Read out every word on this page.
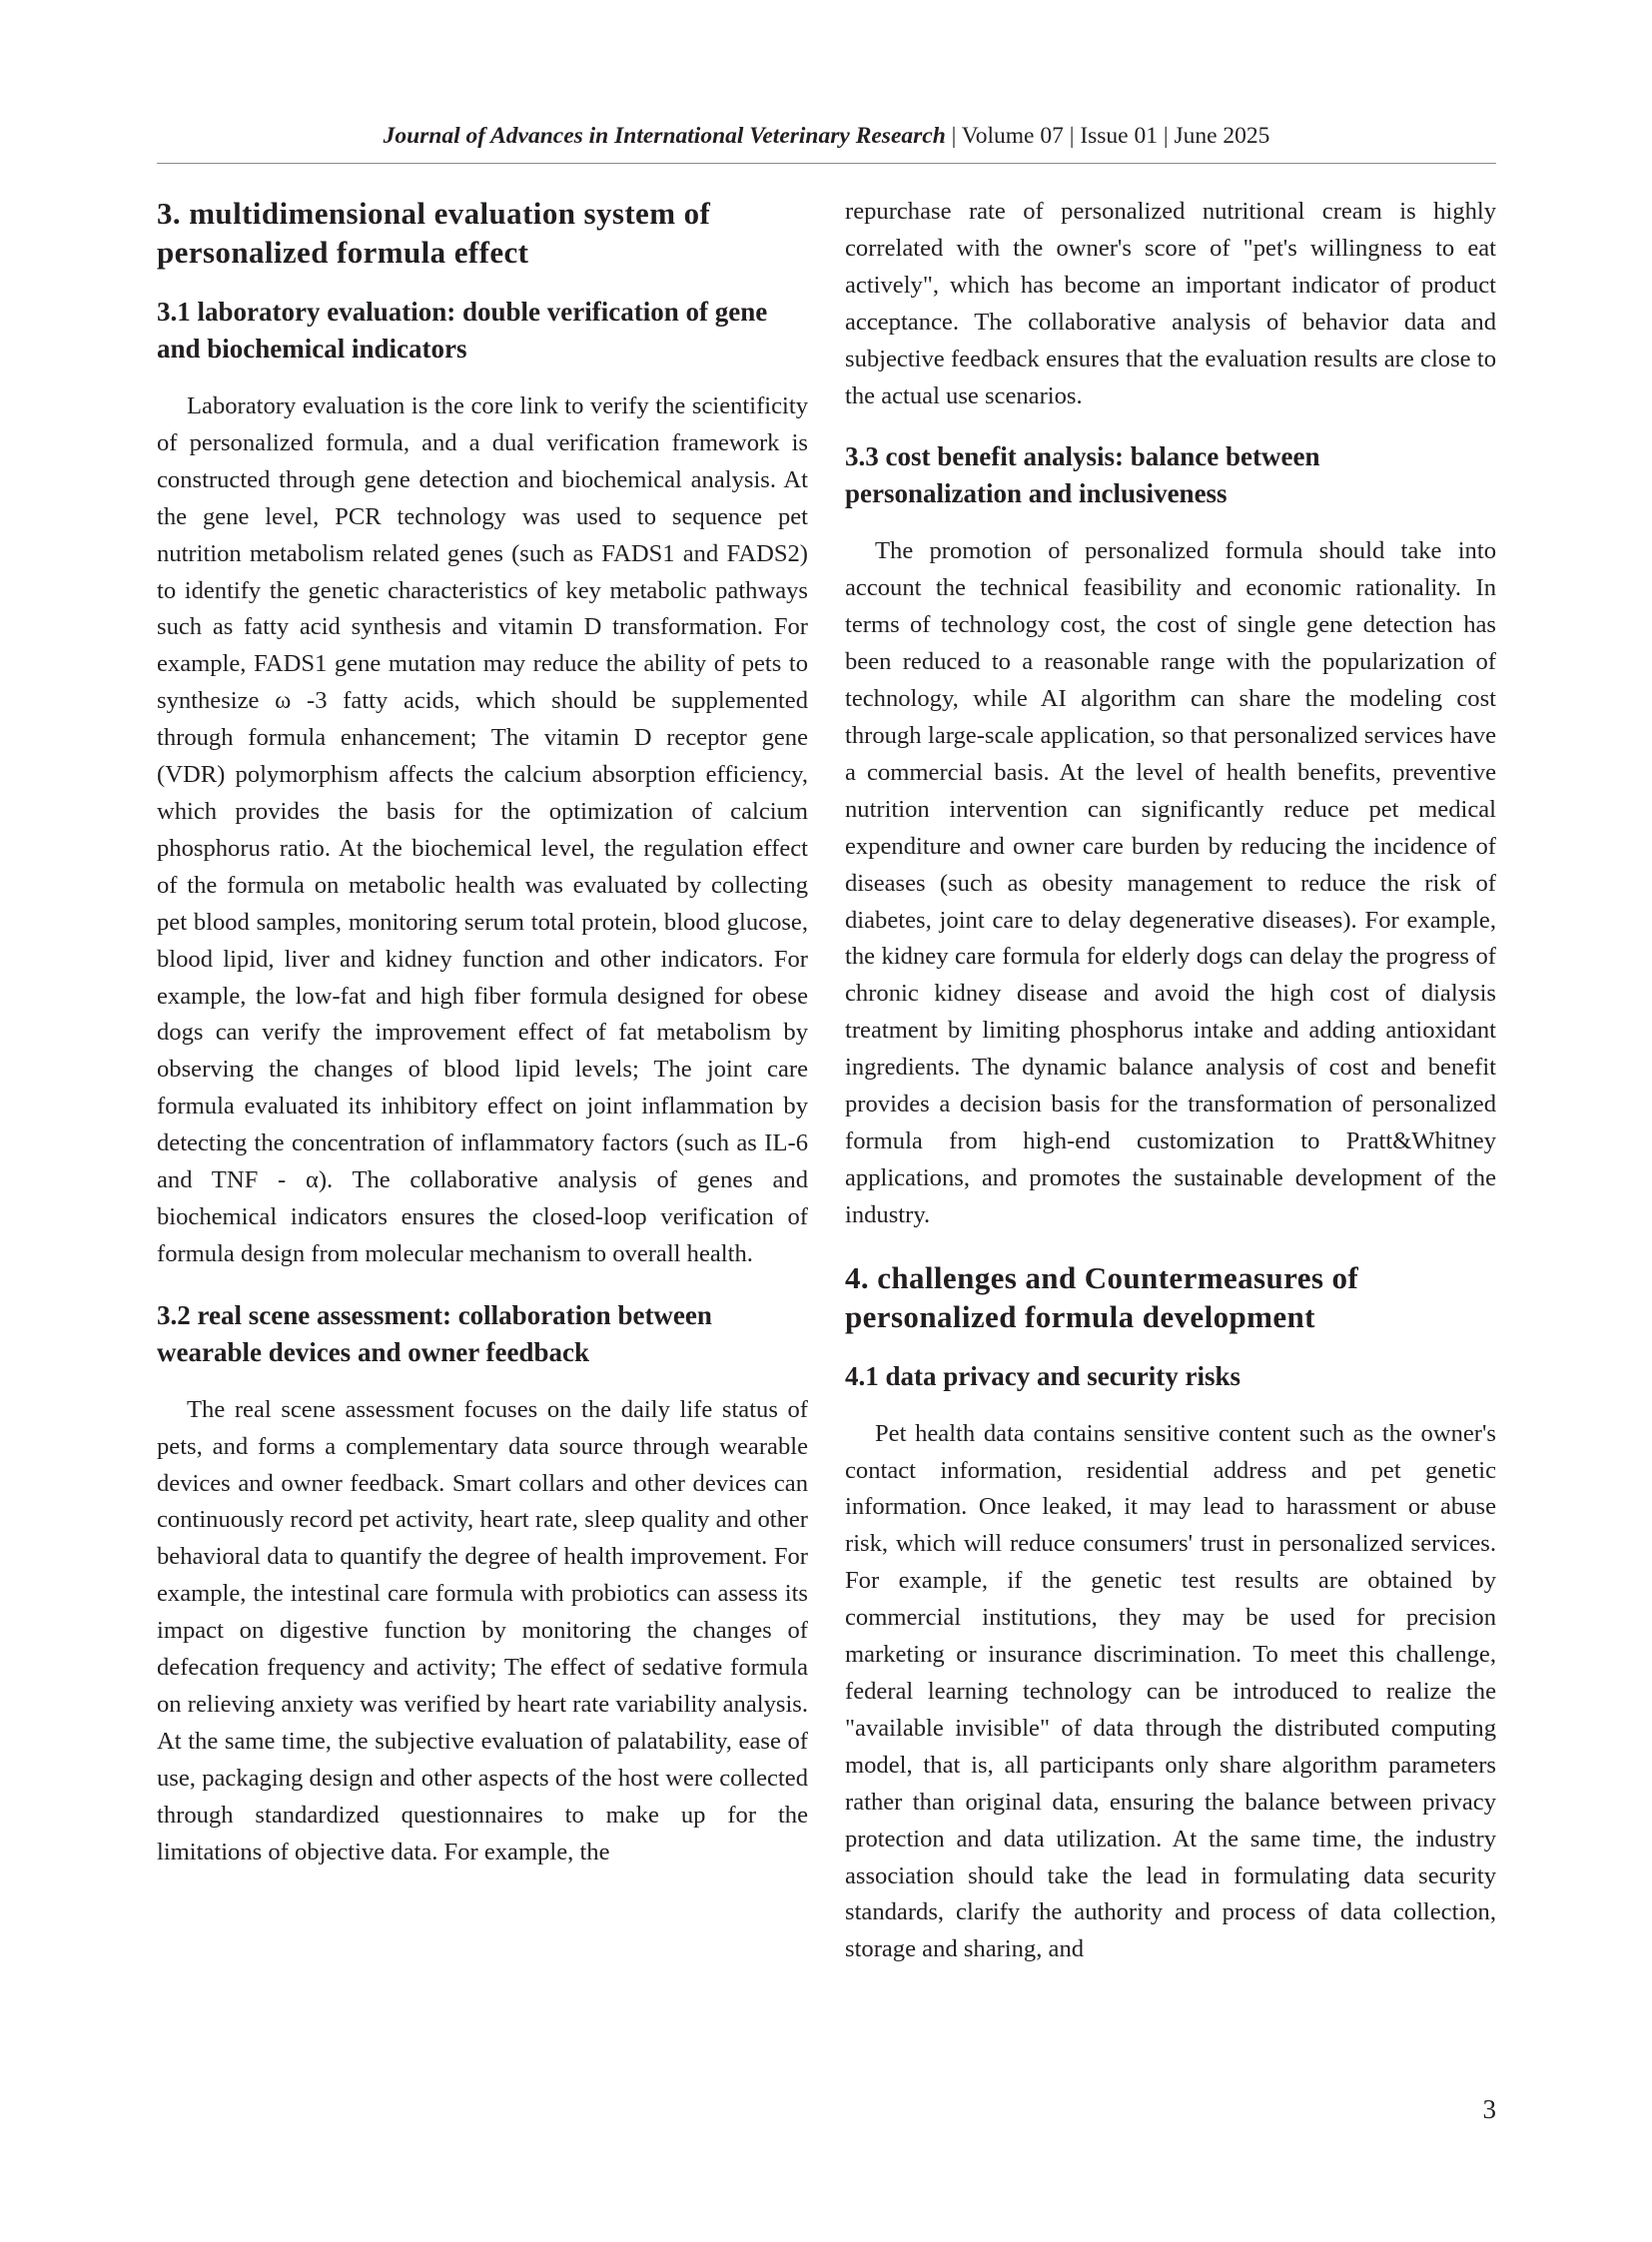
Journal of Advances in International Veterinary Research | Volume 07 | Issue 01 | June 2025
3. multidimensional evaluation system of personalized formula effect
3.1 laboratory evaluation: double verification of gene and biochemical indicators

Laboratory evaluation is the core link to verify the scientificity of personalized formula, and a dual verification framework is constructed through gene detection and biochemical analysis. At the gene level, PCR technology was used to sequence pet nutrition metabolism related genes (such as FADS1 and FADS2) to identify the genetic characteristics of key metabolic pathways such as fatty acid synthesis and vitamin D transformation. For example, FADS1 gene mutation may reduce the ability of pets to synthesize ω -3 fatty acids, which should be supplemented through formula enhancement; The vitamin D receptor gene (VDR) polymorphism affects the calcium absorption efficiency, which provides the basis for the optimization of calcium phosphorus ratio. At the biochemical level, the regulation effect of the formula on metabolic health was evaluated by collecting pet blood samples, monitoring serum total protein, blood glucose, blood lipid, liver and kidney function and other indicators. For example, the low-fat and high fiber formula designed for obese dogs can verify the improvement effect of fat metabolism by observing the changes of blood lipid levels; The joint care formula evaluated its inhibitory effect on joint inflammation by detecting the concentration of inflammatory factors (such as IL-6 and TNF - α). The collaborative analysis of genes and biochemical indicators ensures the closed-loop verification of formula design from molecular mechanism to overall health.

3.2 real scene assessment: collaboration between wearable devices and owner feedback

The real scene assessment focuses on the daily life status of pets, and forms a complementary data source through wearable devices and owner feedback. Smart collars and other devices can continuously record pet activity, heart rate, sleep quality and other behavioral data to quantify the degree of health improvement. For example, the intestinal care formula with probiotics can assess its impact on digestive function by monitoring the changes of defecation frequency and activity; The effect of sedative formula on relieving anxiety was verified by heart rate variability analysis. At the same time, the subjective evaluation of palatability, ease of use, packaging design and other aspects of the host were collected through standardized questionnaires to make up for the limitations of objective data. For example, the

repurchase rate of personalized nutritional cream is highly correlated with the owner's score of "pet's willingness to eat actively", which has become an important indicator of product acceptance. The collaborative analysis of behavior data and subjective feedback ensures that the evaluation results are close to the actual use scenarios.

3.3 cost benefit analysis: balance between personalization and inclusiveness

The promotion of personalized formula should take into account the technical feasibility and economic rationality. In terms of technology cost, the cost of single gene detection has been reduced to a reasonable range with the popularization of technology, while AI algorithm can share the modeling cost through large-scale application, so that personalized services have a commercial basis. At the level of health benefits, preventive nutrition intervention can significantly reduce pet medical expenditure and owner care burden by reducing the incidence of diseases (such as obesity management to reduce the risk of diabetes, joint care to delay degenerative diseases). For example, the kidney care formula for elderly dogs can delay the progress of chronic kidney disease and avoid the high cost of dialysis treatment by limiting phosphorus intake and adding antioxidant ingredients. The dynamic balance analysis of cost and benefit provides a decision basis for the transformation of personalized formula from high-end customization to Pratt&Whitney applications, and promotes the sustainable development of the industry.

4. challenges and Countermeasures of personalized formula development
4.1 data privacy and security risks

Pet health data contains sensitive content such as the owner's contact information, residential address and pet genetic information. Once leaked, it may lead to harassment or abuse risk, which will reduce consumers' trust in personalized services. For example, if the genetic test results are obtained by commercial institutions, they may be used for precision marketing or insurance discrimination. To meet this challenge, federal learning technology can be introduced to realize the "available invisible" of data through the distributed computing model, that is, all participants only share algorithm parameters rather than original data, ensuring the balance between privacy protection and data utilization. At the same time, the industry association should take the lead in formulating data security standards, clarify the authority and process of data collection, storage and sharing, and

3
